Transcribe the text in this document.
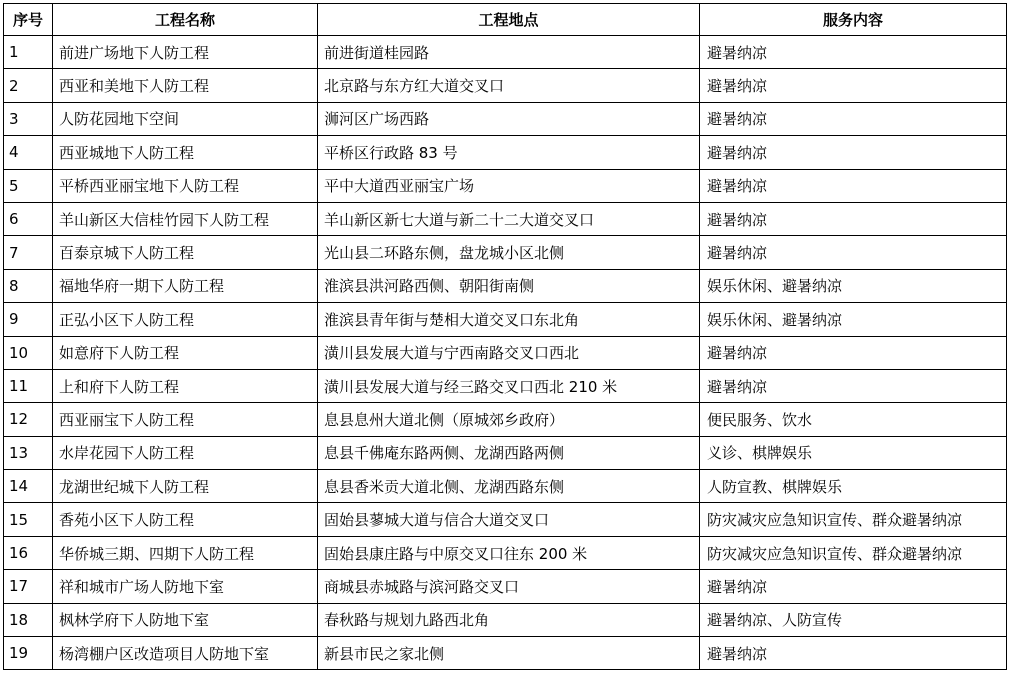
序号	工程名称	工程地点	服务内容
1	前进广场地下人防工程	前进街道桂园路	避暑纳凉
2	西亚和美地下人防工程	北京路与东方红大道交叉口	避暑纳凉
3	人防花园地下空间	浉河区广场西路	避暑纳凉
4	西亚城地下人防工程	平桥区行政路 83 号	避暑纳凉
5	平桥西亚丽宝地下人防工程	平中大道西亚丽宝广场	避暑纳凉
6	羊山新区大信桂竹园下人防工程	羊山新区新七大道与新二十二大道交叉口	避暑纳凉
7	百泰京城下人防工程	光山县二环路东侧，盘龙城小区北侧	避暑纳凉
8	福地华府一期下人防工程	淮滨县洪河路西侧、朝阳街南侧	娱乐休闲、避暑纳凉
9	正弘小区下人防工程	淮滨县青年街与楚相大道交叉口东北角	娱乐休闲、避暑纳凉
10	如意府下人防工程	潢川县发展大道与宁西南路交叉口西北	避暑纳凉
11	上和府下人防工程	潢川县发展大道与经三路交叉口西北 210 米	避暑纳凉
12	西亚丽宝下人防工程	息县息州大道北侧（原城郊乡政府）	便民服务、饮水
13	水岸花园下人防工程	息县千佛庵东路两侧、龙湖西路两侧	义诊、棋牌娱乐
14	龙湖世纪城下人防工程	息县香米贡大道北侧、龙湖西路东侧	人防宣教、棋牌娱乐
15	香苑小区下人防工程	固始县蓼城大道与信合大道交叉口	防灾减灾应急知识宣传、群众避暑纳凉
16	华侨城三期、四期下人防工程	固始县康庄路与中原交叉口往东 200 米	防灾减灾应急知识宣传、群众避暑纳凉
17	祥和城市广场人防地下室	商城县赤城路与滨河路交叉口	避暑纳凉
18	枫林学府下人防地下室	春秋路与规划九路西北角	避暑纳凉、人防宣传
19	杨湾棚户区改造项目人防地下室	新县市民之家北侧	避暑纳凉
